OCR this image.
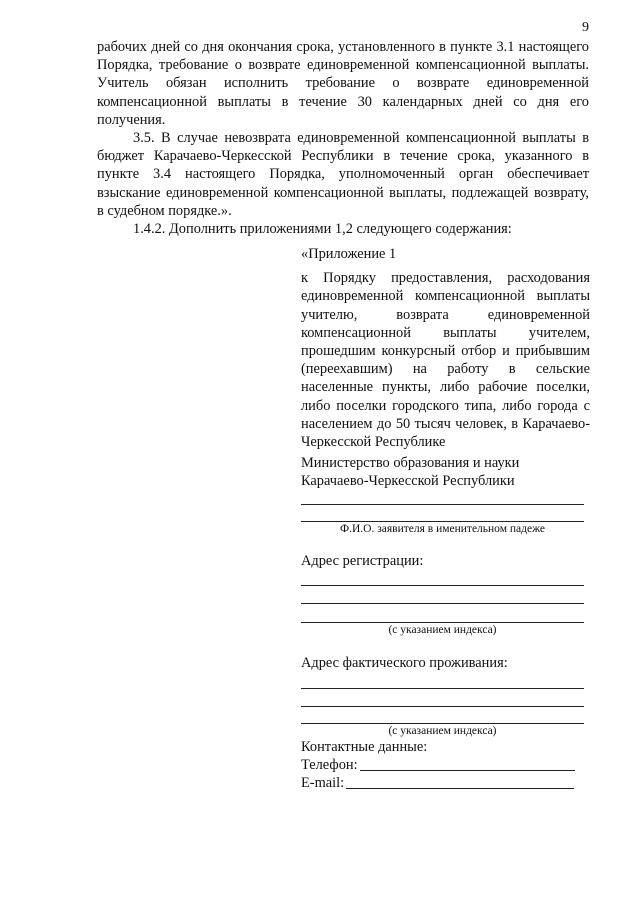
9

рабочих дней со дня окончания срока, установленного в пункте 3.1 настоящего Порядка, требование о возврате единовременной компенсационной выплаты. Учитель обязан исполнить требование о возврате единовременной компенсационной выплаты в течение 30 календарных дней со дня его получения.

3.5. В случае невозврата единовременной компенсационной выплаты в бюджет Карачаево-Черкесской Республики в течение срока, указанного в пункте 3.4 настоящего Порядка, уполномоченный орган обеспечивает взыскание единовременной компенсационной выплаты, подлежащей возврату, в судебном порядке.».

1.4.2. Дополнить приложениями 1,2 следующего содержания:

«Приложение 1

к Порядку предоставления, расходования единовременной компенсационной выплаты учителю, возврата единовременной компенсационной выплаты учителем, прошедшим конкурсный отбор и прибывшим (переехавшим) на работу в сельские населенные пункты, либо рабочие поселки, либо поселки городского типа, либо города с населением до 50 тысяч человек, в Карачаево-Черкесской Республике

Министерство образования и науки Карачаево-Черкесской Республики
Ф.И.О. заявителя в именительном падеже
Адрес регистрации:
(с указанием индекса)
Адрес фактического проживания:
(с указанием индекса)
Контактные данные:
Телефон:
E-mail:
